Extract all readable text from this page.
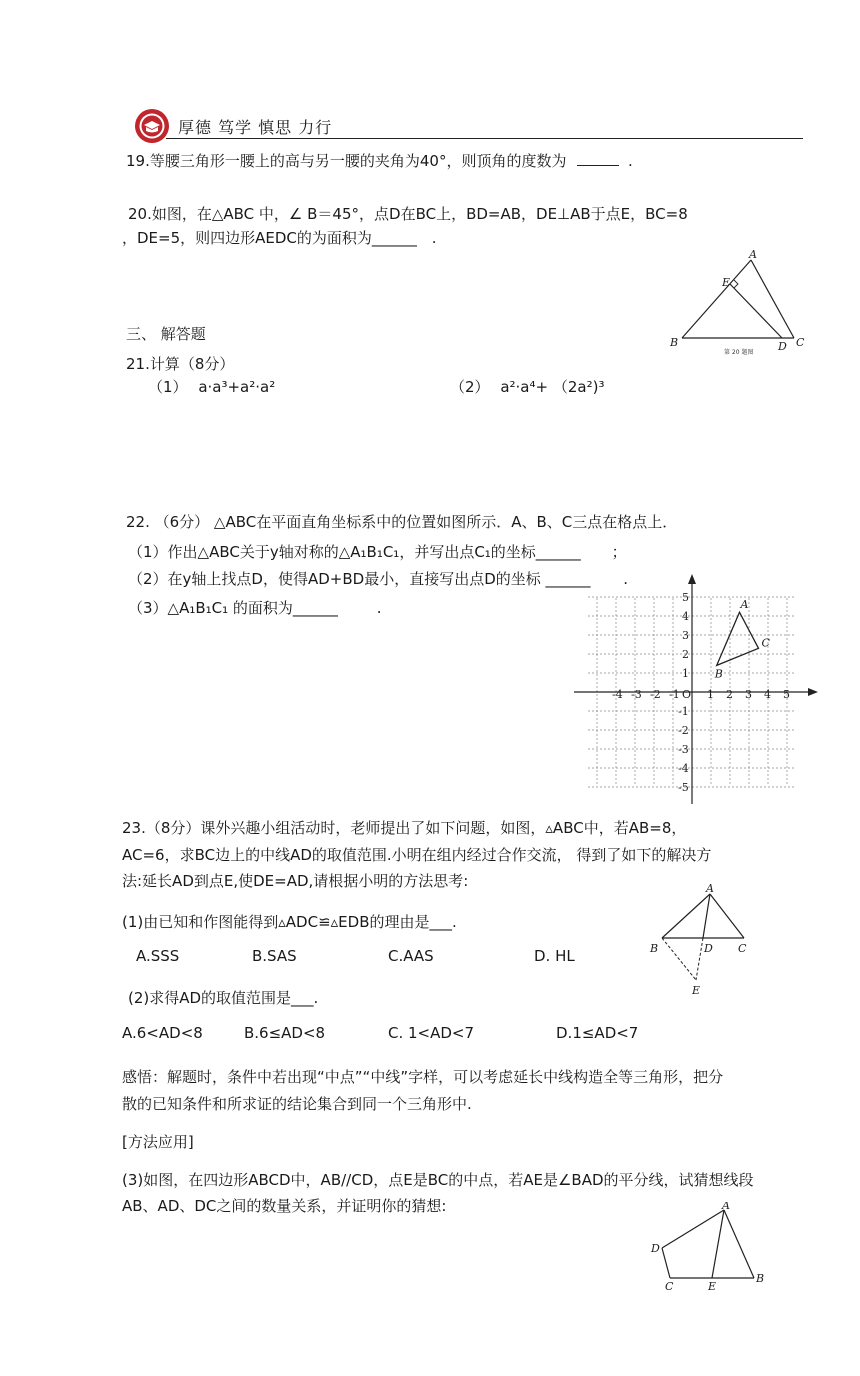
厚德 笃学 慎思 力行
19.等腰三角形一腰上的高与另一腰的夹角为40°，则顶角的度数为	.
20.如图，在△ABC 中，∠ B＝45°，点D在BC上，BD=AB，DE⊥AB于点E，BC=8
，DE=5，则四边形AEDC的为面积为______ .
A
E
B	D C
第 20 题图
三、 解答题
21.计算（8分）
（1） a·a³+a²·a²	（2） a²·a⁴+ （2a²)³
22. （6分） △ABC在平面直角坐标系中的位置如图所示．A、B、C三点在格点上．
（1）作出△ABC关于y轴对称的△A₁B₁C₁，并写出点C₁的坐标______ ；
（2）在y轴上找点D，使得AD+BD最小，直接写出点D的坐标 ______ .
（3）△A₁B₁C₁ 的面积为______	.
-4 -3 -2 -1 O 1 2 3 4 5
5
4
3
2
1
-1
-2
-3
-4
-5
A
B
C
23.（8分）课外兴趣小组活动时，老师提出了如下问题，如图，▵ABC中，若AB=8，
AC=6，求BC边上的中线AD的取值范围.小明在组内经过合作交流， 得到了如下的解决方
法:延长AD到点E,使DE=AD,请根据小明的方法思考:
(1)由已知和作图能得到▵ADC≌▵EDB的理由是___.
A.SSS	B.SAS	C.AAS	D. HL
(2)求得AD的取值范围是___.
A.6<AD<8	B.6≤AD<8	C. 1<AD<7	D.1≤AD<7
感悟：解题时，条件中若出现“中点”“中线”字样，可以考虑延长中线构造全等三角形，把分
散的已知条件和所求证的结论集合到同一个三角形中.
[方法应用]
(3)如图，在四边形ABCD中，AB//CD，点E是BC的中点，若AE是∠BAD的平分线，试猜想线段
AB、AD、DC之间的数量关系，并证明你的猜想:
A
B	D C
E
A
D
C	E
B
